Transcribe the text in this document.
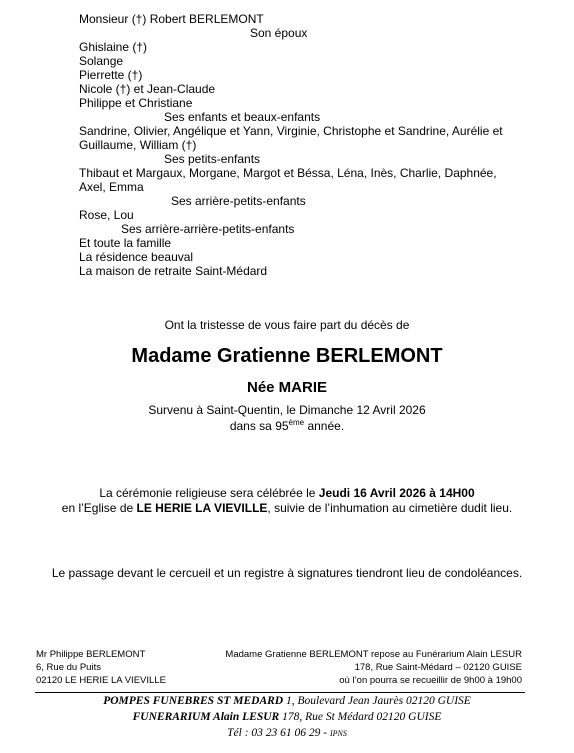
Monsieur (†) Robert BERLEMONT
Son époux
Ghislaine (†)
Solange
Pierrette (†)
Nicole (†) et Jean-Claude
Philippe et Christiane
Ses enfants et beaux-enfants
Sandrine, Olivier, Angélique et Yann, Virginie, Christophe et Sandrine, Aurélie et Guillaume, William (†)
Ses petits-enfants
Thibaut et Margaux, Morgane, Margot et Béssa, Léna, Inès, Charlie, Daphnée, Axel, Emma
Ses arrière-petits-enfants
Rose, Lou
Ses arrière-arrière-petits-enfants
Et toute la famille
La résidence beauval
La maison de retraite Saint-Médard
Ont la tristesse de vous faire part du décès de
Madame Gratienne BERLEMONT
Née MARIE
Survenu à Saint-Quentin, le Dimanche 12 Avril 2026
dans sa 95ème année.
La cérémonie religieuse sera célébrée le Jeudi 16 Avril 2026 à 14H00
en l’Eglise de LE HERIE LA VIEVILLE, suivie de l’inhumation au cimetière dudit lieu.
Le passage devant le cercueil et un registre à signatures tiendront lieu de condoléances.
Mr Philippe BERLEMONT
6, Rue du Puits
02120 LE HERIE LA VIEVILLE
Madame Gratienne BERLEMONT repose au Funérarium Alain LESUR
178, Rue Saint-Médard – 02120 GUISE
où l’on pourra se recueillir de 9h00 à 19h00
POMPES FUNEBRES ST MEDARD 1, Boulevard Jean Jaurès 02120 GUISE
FUNERARIUM Alain LESUR 178, Rue St Médard 02120 GUISE
Tél : 03 23 61 06 29 - IPNS
